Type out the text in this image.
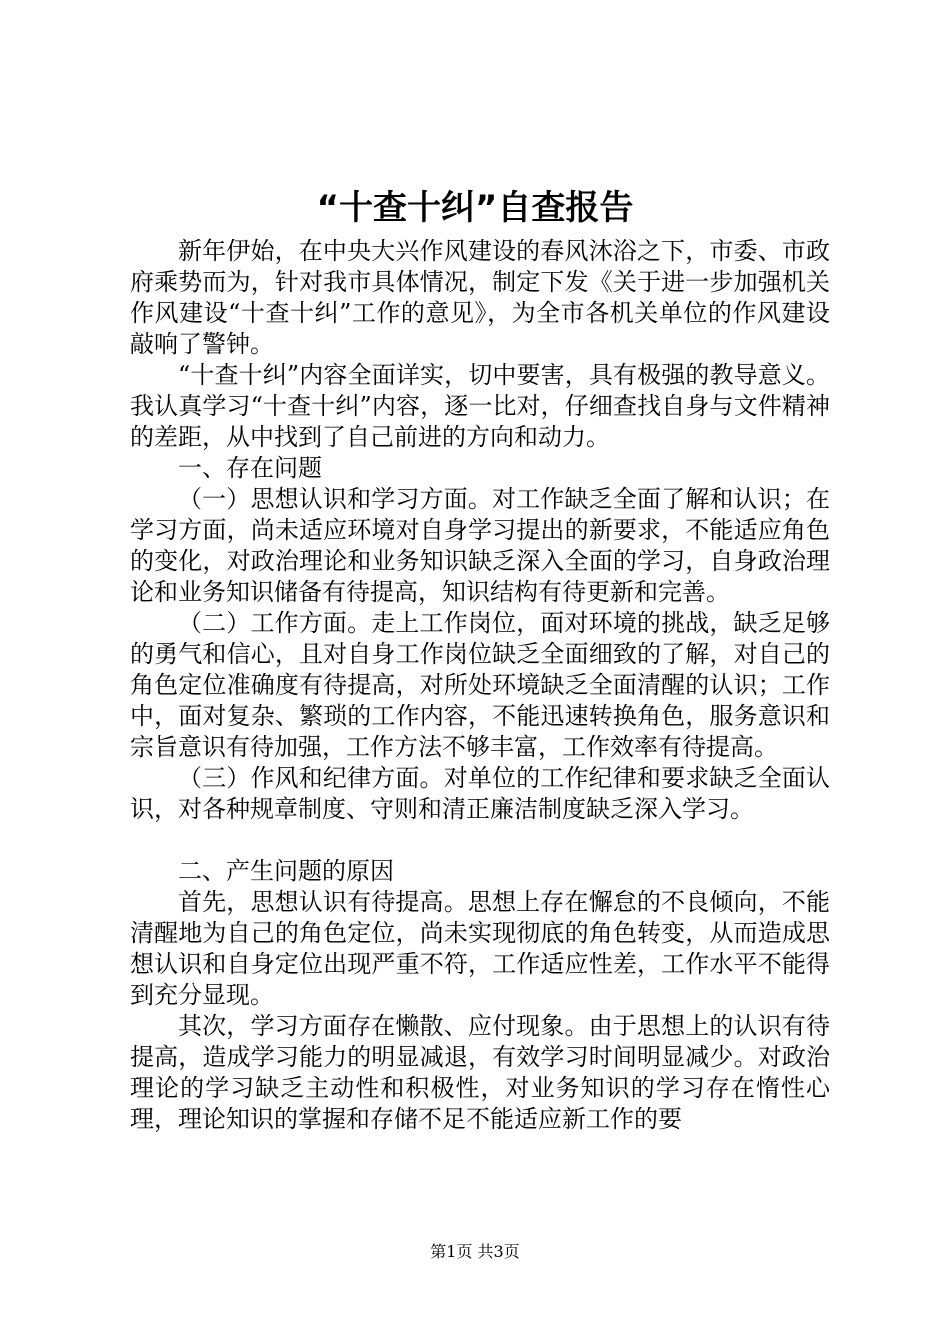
“十查十纠”自查报告

新年伊始，在中央大兴作风建设的春风沐浴之下，市委、市政府乘势而为，针对我市具体情况，制定下发《关于进一步加强机关作风建设“十查十纠”工作的意见》，为全市各机关单位的作风建设敲响了警钟。

“十查十纠”内容全面详实，切中要害，具有极强的教导意义。我认真学习“十查十纠”内容，逐一比对，仔细查找自身与文件精神的差距，从中找到了自己前进的方向和动力。

一、存在问题

（一）思想认识和学习方面。对工作缺乏全面了解和认识；在学习方面，尚未适应环境对自身学习提出的新要求，不能适应角色的变化，对政治理论和业务知识缺乏深入全面的学习，自身政治理论和业务知识储备有待提高，知识结构有待更新和完善。

（二）工作方面。走上工作岗位，面对环境的挑战，缺乏足够的勇气和信心，且对自身工作岗位缺乏全面细致的了解，对自己的角色定位准确度有待提高，对所处环境缺乏全面清醒的认识；工作中，面对复杂、繁琐的工作内容，不能迅速转换角色，服务意识和宗旨意识有待加强，工作方法不够丰富，工作效率有待提高。

（三）作风和纪律方面。对单位的工作纪律和要求缺乏全面认识，对各种规章制度、守则和清正廉洁制度缺乏深入学习。

二、产生问题的原因

首先，思想认识有待提高。思想上存在懈怠的不良倾向，不能清醒地为自己的角色定位，尚未实现彻底的角色转变，从而造成思想认识和自身定位出现严重不符，工作适应性差，工作水平不能得到充分显现。

其次，学习方面存在懒散、应付现象。由于思想上的认识有待提高，造成学习能力的明显减退，有效学习时间明显减少。对政治理论的学习缺乏主动性和积极性，对业务知识的学习存在惰性心理，理论知识的掌握和存储不足不能适应新工作的要

第1页 共3页
